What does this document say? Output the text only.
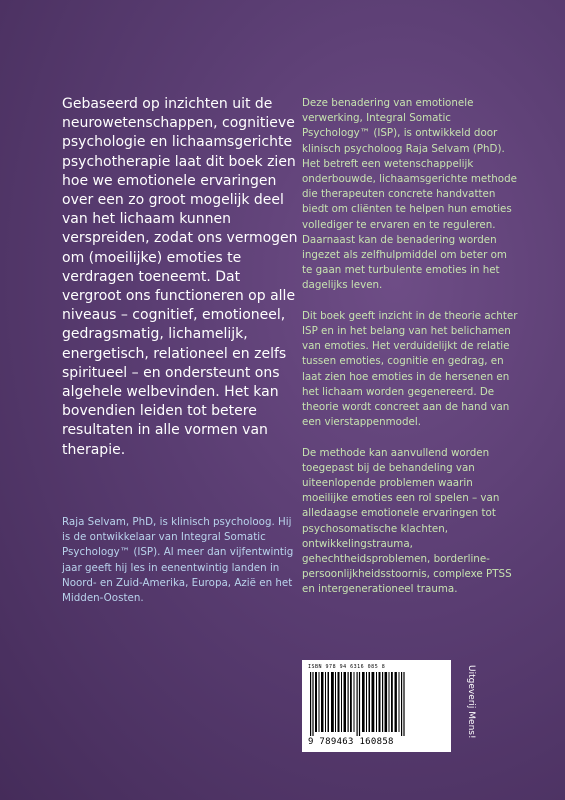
Gebaseerd op inzichten uit de neurowetenschappen, cognitieve psychologie en lichaamsgerichte psychotherapie laat dit boek zien hoe we emotionele ervaringen over een zo groot mogelijk deel van het lichaam kunnen verspreiden, zodat ons vermogen om (moeilijke) emoties te verdragen toeneemt. Dat vergroot ons functioneren op alle niveaus – cognitief, emotioneel, gedragsmatig, lichamelijk, energetisch, relationeel en zelfs spiritueel – en ondersteunt ons algehele welbevinden. Het kan bovendien leiden tot betere resultaten in alle vormen van therapie.
Raja Selvam, PhD, is klinisch psycholoog. Hij is de ontwikkelaar van Integral Somatic Psychology™ (ISP). Al meer dan vijfentwintig jaar geeft hij les in eenentwintig landen in Noord- en Zuid-Amerika, Europa, Azië en het Midden-Oosten.

Deze benadering van emotionele verwerking, Integral Somatic Psychology™ (ISP), is ontwikkeld door klinisch psycholoog Raja Selvam (PhD). Het betreft een wetenschappelijk onderbouwde, lichaamsgerichte methode die therapeuten concrete handvatten biedt om cliënten te helpen hun emoties vollediger te ervaren en te reguleren. Daarnaast kan de benadering worden ingezet als zelfhulpmiddel om beter om te gaan met turbulente emoties in het dagelijks leven.

Dit boek geeft inzicht in de theorie achter ISP en in het belang van het belichamen van emoties. Het verduidelijkt de relatie tussen emoties, cognitie en gedrag, en laat zien hoe emoties in de hersenen en het lichaam worden gegenereerd. De theorie wordt concreet aan de hand van een vierstappenmodel.

De methode kan aanvullend worden toegepast bij de behandeling van uiteenlopende problemen waarin moeilijke emoties een rol spelen – van alledaagse emotionele ervaringen tot psychosomatische klachten, ontwikkelingstrauma, gehechtheidsproblemen, borderline-persoonlijkheidsstoornis, complexe PTSS en intergenerationeel trauma.

ISBN 978 94 6316 085 8
9 789463 160858
Uitgeverij Mens!
